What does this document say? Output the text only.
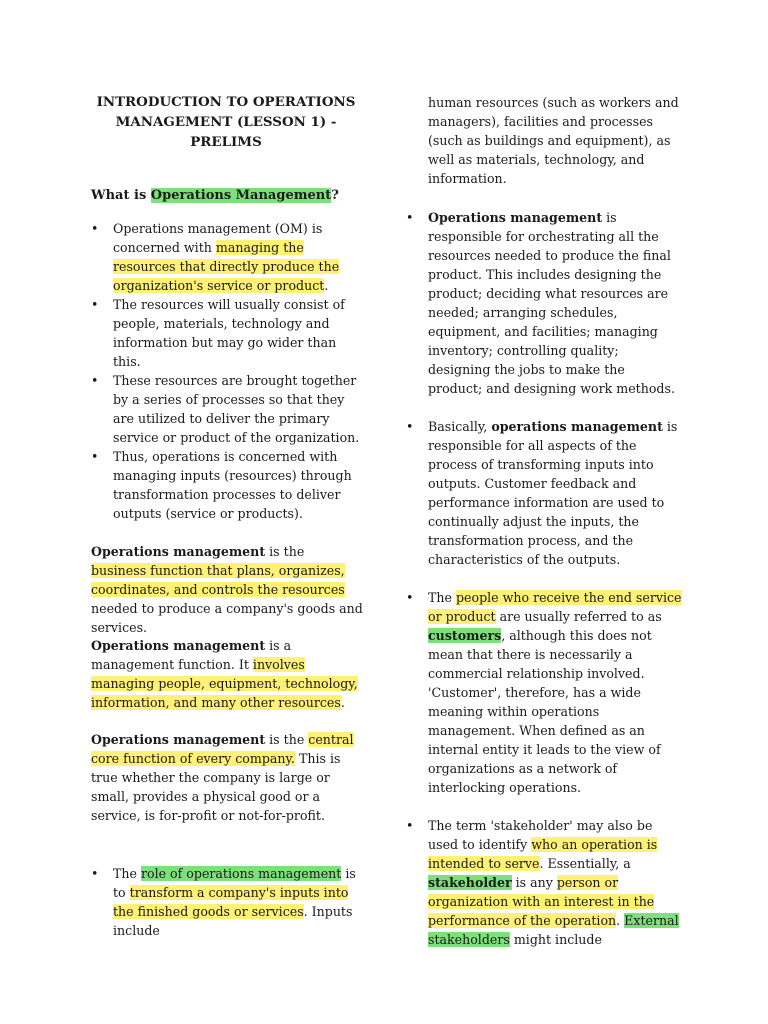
INTRODUCTION TO OPERATIONS MANAGEMENT (LESSON 1) - PRELIMS
What is Operations Management?
•	Operations management (OM) is concerned with managing the resources that directly produce the organization's service or product.
•	The resources will usually consist of people, materials, technology and information but may go wider than this.
•	These resources are brought together by a series of processes so that they are utilized to deliver the primary service or product of the organization.
•	Thus, operations is concerned with managing inputs (resources) through transformation processes to deliver outputs (service or products).

Operations management is the business function that plans, organizes, coordinates, and controls the resources needed to produce a company's goods and services.

Operations management is a management function. It involves managing people, equipment, technology, information, and many other resources.

Operations management is the central core function of every company. This is true whether the company is large or small, provides a physical good or a service, is for-profit or not-for-profit.

•	The role of operations management is to transform a company's inputs into the finished goods or services. Inputs include

human resources (such as workers and managers), facilities and processes (such as buildings and equipment), as well as materials, technology, and information.

•	Operations management is responsible for orchestrating all the resources needed to produce the final product. This includes designing the product; deciding what resources are needed; arranging schedules, equipment, and facilities; managing inventory; controlling quality; designing the jobs to make the product; and designing work methods.
•	Basically, operations management is responsible for all aspects of the process of transforming inputs into outputs. Customer feedback and performance information are used to continually adjust the inputs, the transformation process, and the characteristics of the outputs.
•	The people who receive the end service or product are usually referred to as customers, although this does not mean that there is necessarily a commercial relationship involved. 'Customer', therefore, has a wide meaning within operations management. When defined as an internal entity it leads to the view of organizations as a network of interlocking operations.
•	The term 'stakeholder' may also be used to identify who an operation is intended to serve. Essentially, a stakeholder is any person or organization with an interest in the performance of the operation. External stakeholders might include
